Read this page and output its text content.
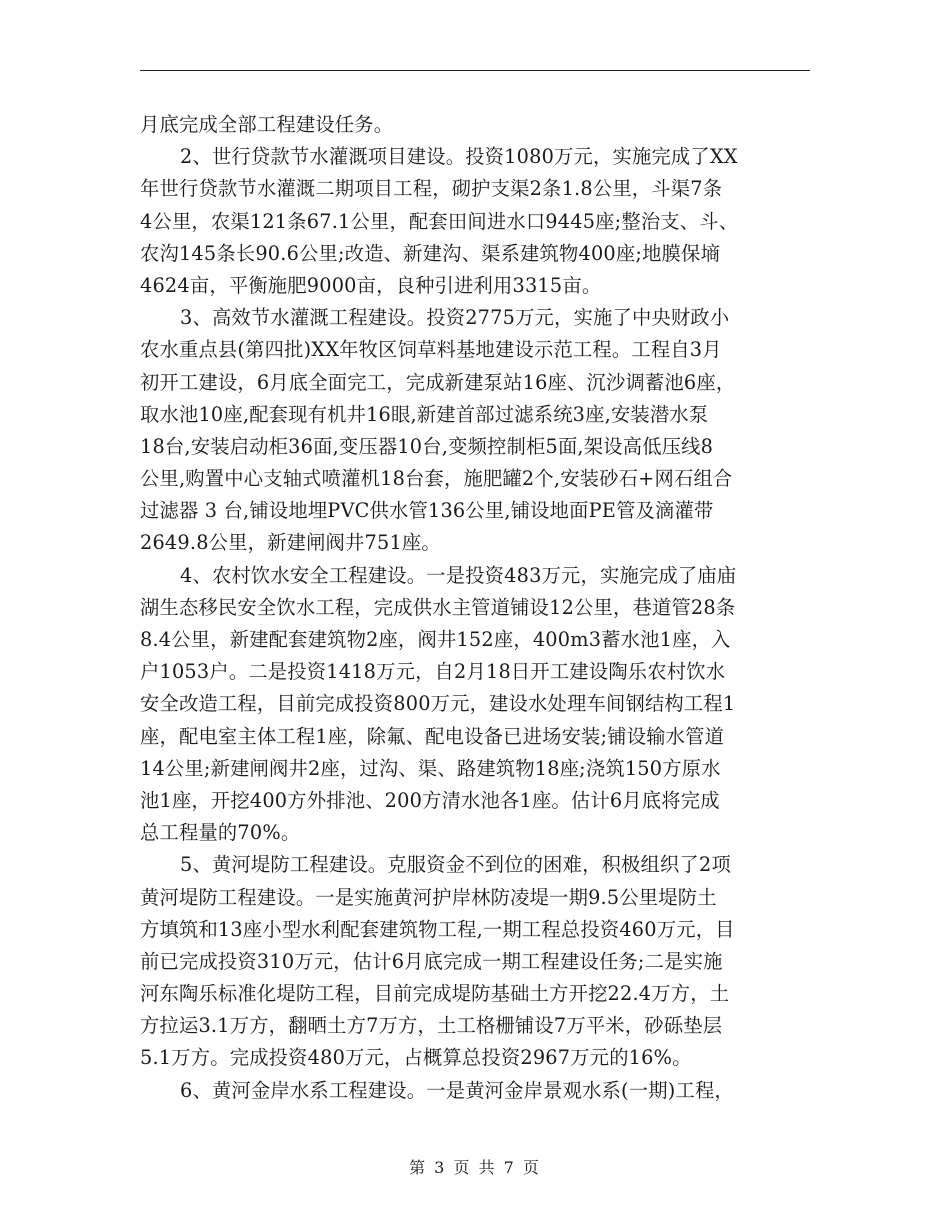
月底完成全部工程建设任务。
2、世行贷款节水灌溉项目建设。投资1080万元，实施完成了XX
年世行贷款节水灌溉二期项目工程，砌护支渠2条1.8公里，斗渠7条
4公里，农渠121条67.1公里，配套田间进水口9445座;整治支、斗、
农沟145条长90.6公里;改造、新建沟、渠系建筑物400座;地膜保墒
4624亩，平衡施肥9000亩，良种引进利用3315亩。
3、高效节水灌溉工程建设。投资2775万元，实施了中央财政小
农水重点县(第四批)XX年牧区饲草料基地建设示范工程。工程自3月
初开工建设，6月底全面完工，完成新建泵站16座、沉沙调蓄池6座，
取水池10座,配套现有机井16眼,新建首部过滤系统3座,安装潜水泵
18台,安装启动柜36面,变压器10台,变频控制柜5面,架设高低压线8
公里,购置中心支轴式喷灌机18台套，施肥罐2个,安装砂石+网石组合
过滤器 3 台,铺设地埋PVC供水管136公里,铺设地面PE管及滴灌带
2649.8公里，新建闸阀井751座。
4、农村饮水安全工程建设。一是投资483万元，实施完成了庙庙
湖生态移民安全饮水工程，完成供水主管道铺设12公里，巷道管28条
8.4公里，新建配套建筑物2座，阀井152座，400m3蓄水池1座，入
户1053户。二是投资1418万元，自2月18日开工建设陶乐农村饮水
安全改造工程，目前完成投资800万元，建设水处理车间钢结构工程1
座，配电室主体工程1座，除氟、配电设备已进场安装;铺设输水管道
14公里;新建闸阀井2座，过沟、渠、路建筑物18座;浇筑150方原水
池1座，开挖400方外排池、200方清水池各1座。估计6月底将完成
总工程量的70%。
5、黄河堤防工程建设。克服资金不到位的困难，积极组织了2项
黄河堤防工程建设。一是实施黄河护岸林防凌堤一期9.5公里堤防土
方填筑和13座小型水利配套建筑物工程,一期工程总投资460万元，目
前已完成投资310万元，估计6月底完成一期工程建设任务;二是实施
河东陶乐标准化堤防工程，目前完成堤防基础土方开挖22.4万方，土
方拉运3.1万方，翻晒土方7万方，土工格栅铺设7万平米，砂砾垫层
5.1万方。完成投资480万元，占概算总投资2967万元的16%。
6、黄河金岸水系工程建设。一是黄河金岸景观水系(一期)工程，
第 3 页 共 7 页
